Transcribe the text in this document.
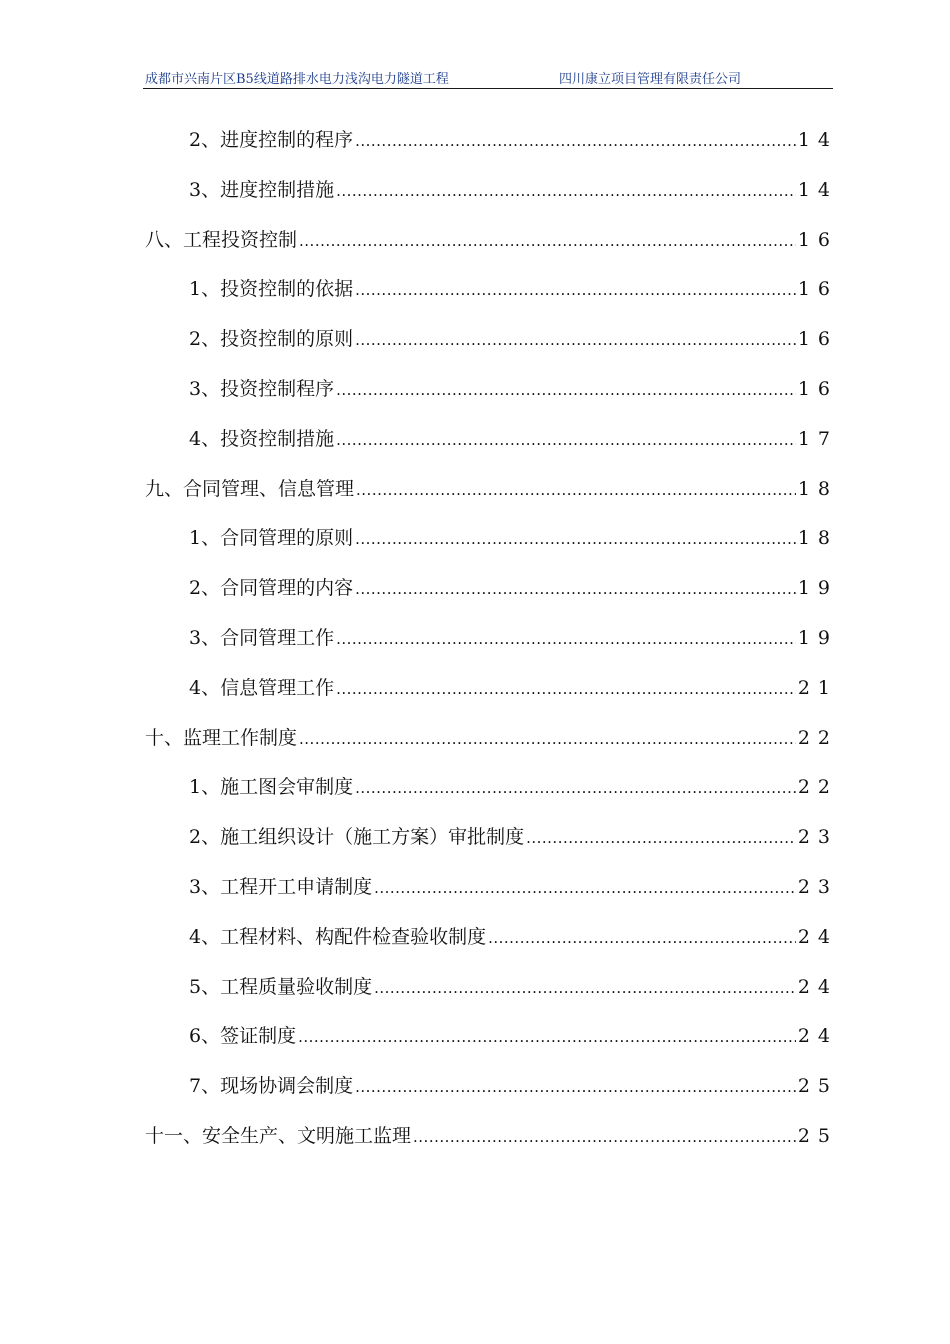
成都市兴南片区B5线道路排水电力浅沟电力隧道工程	四川康立项目管理有限责任公司
2、进度控制的程序 .....	14
3、进度控制措施 .....	14
八、工程投资控制 .....	16
1、投资控制的依据 .....	16
2、投资控制的原则 .....	16
3、投资控制程序 .....	16
4、投资控制措施 .....	17
九、合同管理、信息管理 .....	18
1、合同管理的原则 .....	18
2、合同管理的内容 .....	19
3、合同管理工作 .....	19
4、信息管理工作 .....	21
十、监理工作制度 .....	22
1、施工图会审制度 .....	22
2、施工组织设计（施工方案）审批制度 .....	23
3、工程开工申请制度 .....	23
4、工程材料、构配件检查验收制度 .....	24
5、工程质量验收制度 .....	24
6、签证制度 .....	24
7、现场协调会制度 .....	25
十一、安全生产、文明施工监理 .....	25
